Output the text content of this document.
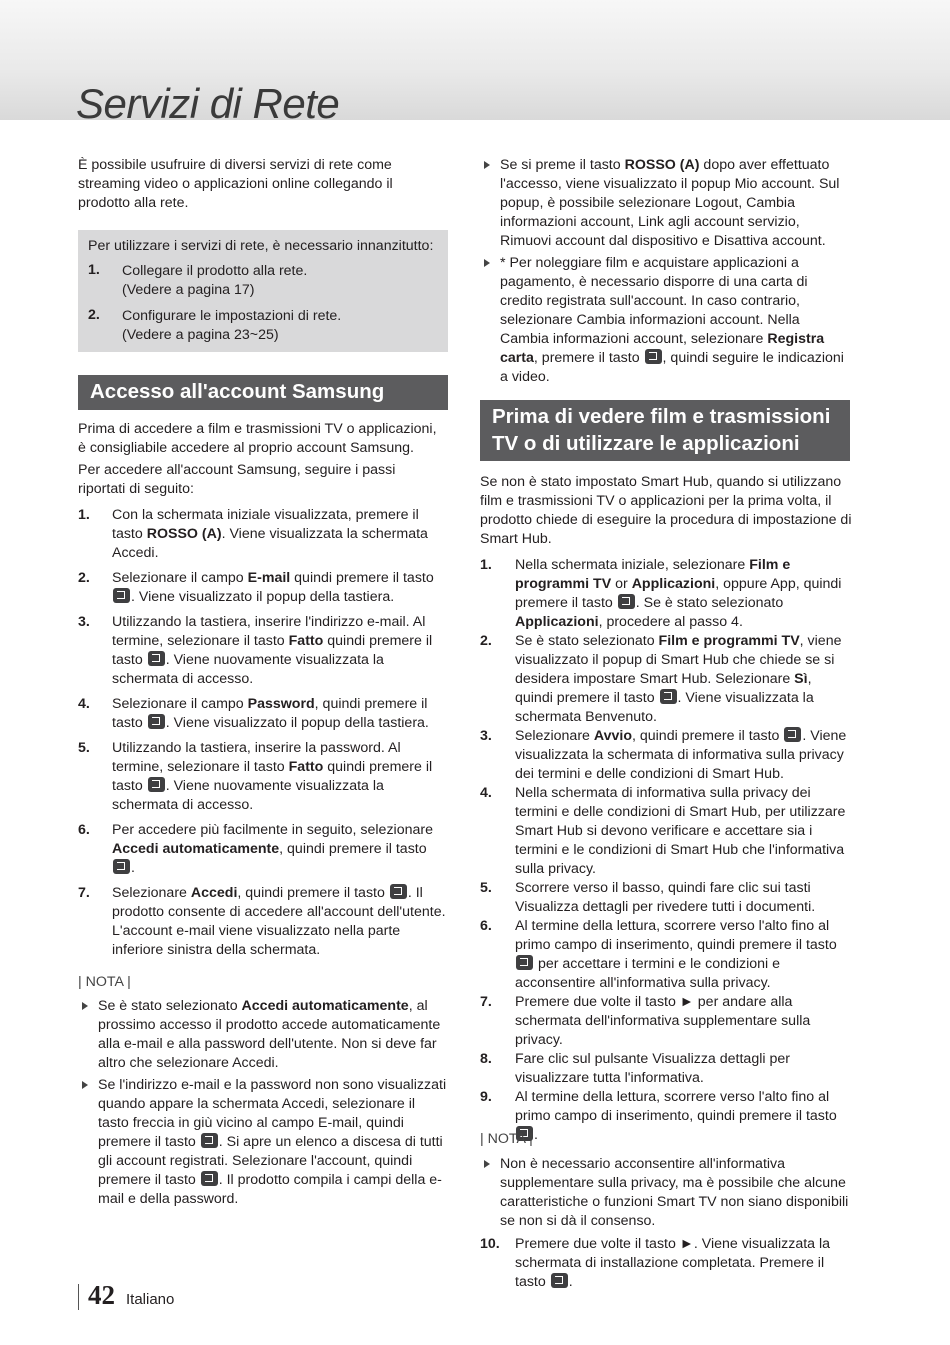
Servizi di Rete

È possibile usufruire di diversi servizi di rete come streaming video o applicazioni online collegando il prodotto alla rete.

Per utilizzare i servizi di rete, è necessario innanzitutto:

1. Collegare il prodotto alla rete.
(Vedere a pagina 17)
2. Configurare le impostazioni di rete.
(Vedere a pagina 23~25)
Accesso all'account Samsung

Prima di accedere a film e trasmissioni TV o applicazioni, è consigliabile accedere al proprio account Samsung.

Per accedere all'account Samsung, seguire i passi riportati di seguito:

1. Con la schermata iniziale visualizzata, premere il tasto ROSSO (A). Viene visualizzata la schermata Accedi.
2. Selezionare il campo E-mail quindi premere il tasto . Viene visualizzato il popup della tastiera.
3. Utilizzando la tastiera, inserire l'indirizzo e-mail. Al termine, selezionare il tasto Fatto quindi premere il tasto . Viene nuovamente visualizzata la schermata di accesso.
4. Selezionare il campo Password, quindi premere il tasto . Viene visualizzato il popup della tastiera.
5. Utilizzando la tastiera, inserire la password. Al termine, selezionare il tasto Fatto quindi premere il tasto . Viene nuovamente visualizzata la schermata di accesso.
6. Per accedere più facilmente in seguito, selezionare Accedi automaticamente, quindi premere il tasto .
7. Selezionare Accedi, quindi premere il tasto . Il prodotto consente di accedere all'account dell'utente. L'account e-mail viene visualizzato nella parte inferiore sinistra della schermata.
| NOTA |
Se è stato selezionato Accedi automaticamente, al prossimo accesso il prodotto accede automaticamente alla e-mail e alla password dell'utente. Non si deve far altro che selezionare Accedi.
Se l'indirizzo e-mail e la password non sono visualizzati quando appare la schermata Accedi, selezionare il tasto freccia in giù vicino al campo E-mail, quindi premere il tasto . Si apre un elenco a discesa di tutti gli account registrati. Selezionare l'account, quindi premere il tasto . Il prodotto compila i campi della e-mail e della password.
Se si preme il tasto ROSSO (A) dopo aver effettuato l'accesso, viene visualizzato il popup Mio account. Sul popup, è possibile selezionare Logout, Cambia informazioni account, Link agli account servizio, Rimuovi account dal dispositivo e Disattiva account.
* Per noleggiare film e acquistare applicazioni a pagamento, è necessario disporre di una carta di credito registrata sull'account. In caso contrario, selezionare Cambia informazioni account. Nella Cambia informazioni account, selezionare Registra carta, premere il tasto , quindi seguire le indicazioni a video.
Prima di vedere film e trasmissioni
TV o di utilizzare le applicazioni

Se non è stato impostato Smart Hub, quando si utilizzano film e trasmissioni TV o applicazioni per la prima volta, il prodotto chiede di eseguire la procedura di impostazione di Smart Hub.

1. Nella schermata iniziale, selezionare Film e programmi TV or Applicazioni, oppure App, quindi premere il tasto . Se è stato selezionato Applicazioni, procedere al passo 4.
2. Se è stato selezionato Film e programmi TV, viene visualizzato il popup di Smart Hub che chiede se si desidera impostare Smart Hub. Selezionare Sì, quindi premere il tasto . Viene visualizzata la schermata Benvenuto.
3. Selezionare Avvio, quindi premere il tasto . Viene visualizzata la schermata di informativa sulla privacy dei termini e delle condizioni di Smart Hub.
4. Nella schermata di informativa sulla privacy dei termini e delle condizioni di Smart Hub, per utilizzare Smart Hub si devono verificare e accettare sia i termini e le condizioni di Smart Hub che l'informativa sulla privacy.
5. Scorrere verso il basso, quindi fare clic sui tasti Visualizza dettagli per rivedere tutti i documenti.
6. Al termine della lettura, scorrere verso l'alto fino al primo campo di inserimento, quindi premere il tasto  per accettare i termini e le condizioni e acconsentire all'informativa sulla privacy.
7. Premere due volte il tasto ► per andare alla schermata dell'informativa supplementare sulla privacy.
8. Fare clic sul pulsante Visualizza dettagli per visualizzare tutta l'informativa.
9. Al termine della lettura, scorrere verso l'alto fino al primo campo di inserimento, quindi premere il tasto .
| NOTA |
Non è necessario acconsentire all'informativa supplementare sulla privacy, ma è possibile che alcune caratteristiche o funzioni Smart TV non siano disponibili se non si dà il consenso.
10. Premere due volte il tasto ►. Viene visualizzata la schermata di installazione completata. Premere il tasto .
42 Italiano
